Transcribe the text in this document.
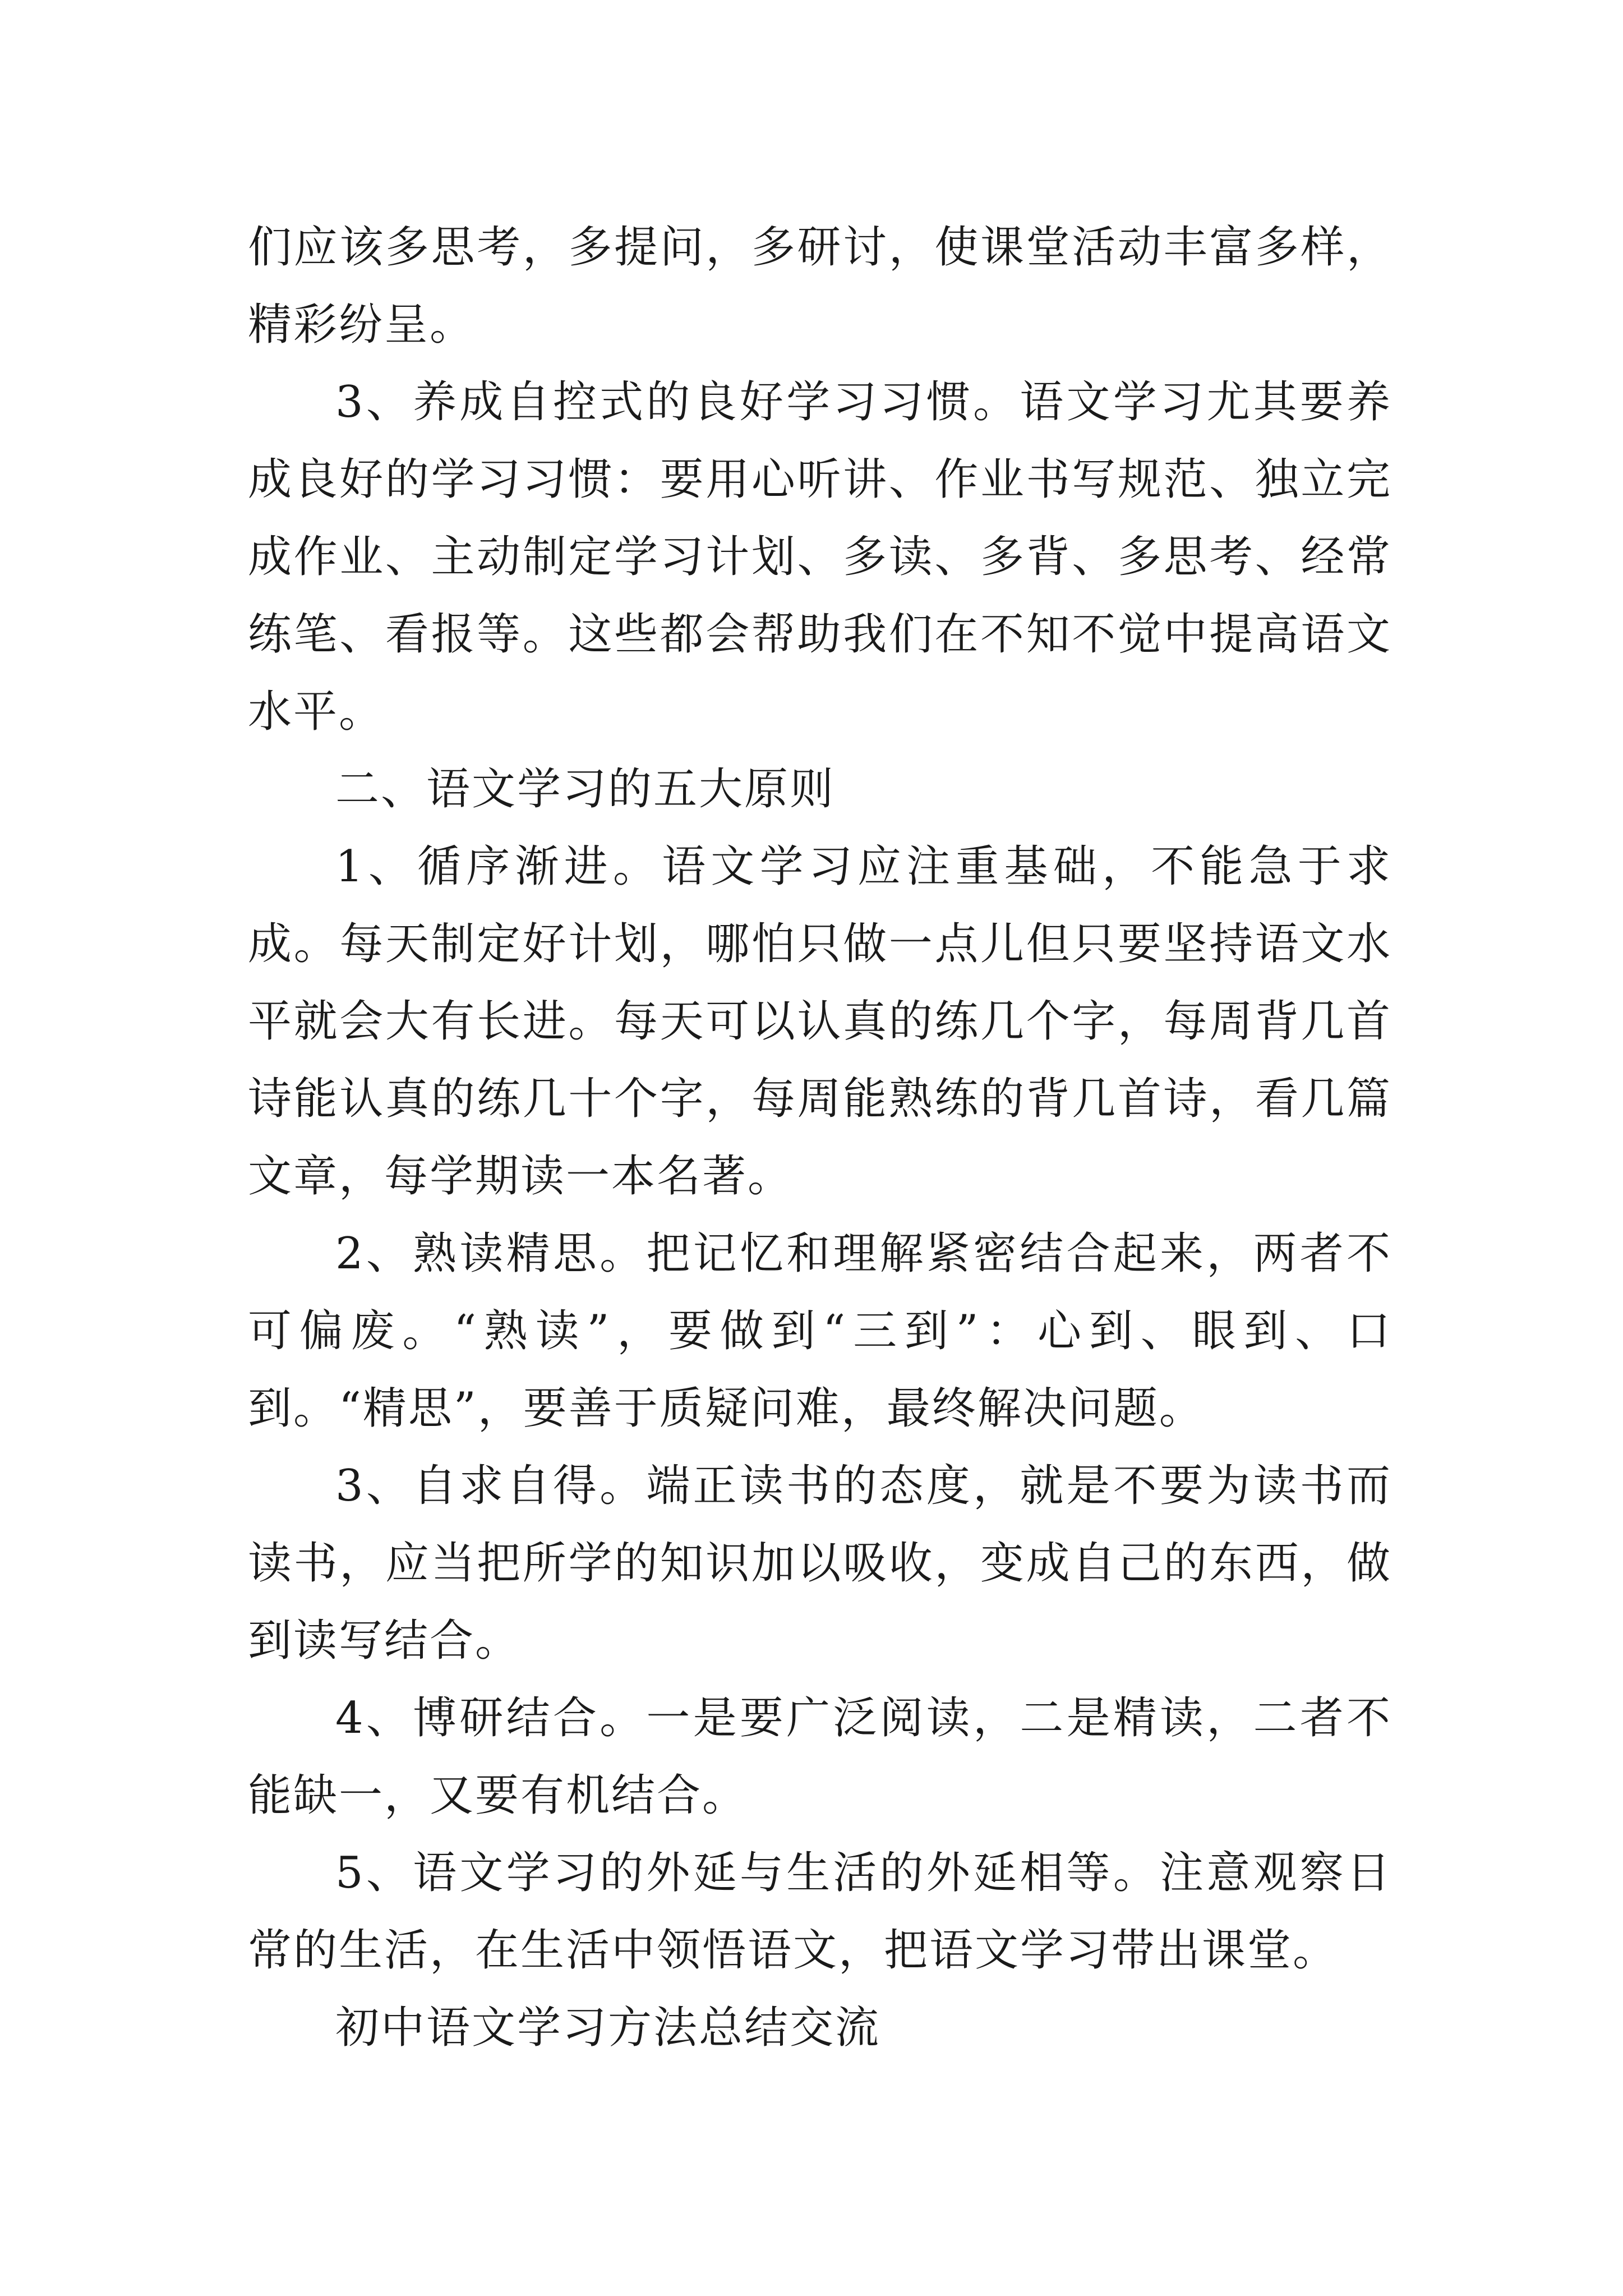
们应该多思考，多提问，多研讨，使课堂活动丰富多样，精彩纷呈。

3、养成自控式的良好学习习惯。语文学习尤其要养成良好的学习习惯：要用心听讲、作业书写规范、独立完成作业、主动制定学习计划、多读、多背、多思考、经常练笔、看报等。这些都会帮助我们在不知不觉中提高语文水平。

二、语文学习的五大原则

1、循序渐进。语文学习应注重基础，不能急于求成。每天制定好计划，哪怕只做一点儿但只要坚持语文水平就会大有长进。每天可以认真的练几个字，每周背几首诗能认真的练几十个字，每周能熟练的背几首诗，看几篇文章，每学期读一本名著。

2、熟读精思。把记忆和理解紧密结合起来，两者不可偏废。“熟读”，要做到“三到”：心到、眼到、口到。“精思”，要善于质疑问难，最终解决问题。

3、自求自得。端正读书的态度，就是不要为读书而读书，应当把所学的知识加以吸收，变成自己的东西，做到读写结合。

4、博研结合。一是要广泛阅读，二是精读，二者不能缺一，又要有机结合。

5、语文学习的外延与生活的外延相等。注意观察日常的生活，在生活中领悟语文，把语文学习带出课堂。

初中语文学习方法总结交流
